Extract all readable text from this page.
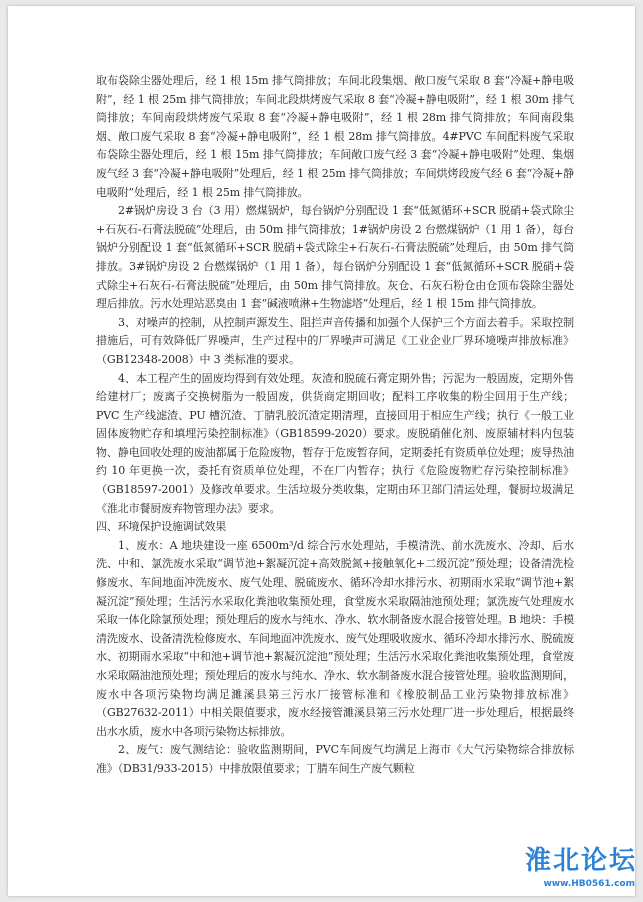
取布袋除尘器处理后，经 1 根 15m 排气筒排放；车间北段集烟、敞口废气采取 8 套“冷凝+静电吸附”，经 1 根 25m 排气筒排放；车间北段烘烤废气采取 8 套“冷凝+静电吸附”，经 1 根 30m 排气筒排放；车间南段烘烤废气采取 8 套“冷凝+静电吸附”，经 1 根 28m 排气筒排放；车间南段集烟、敞口废气采取 8 套“冷凝+静电吸附”，经 1 根 28m 排气筒排放。4#PVC 车间配料废气采取布袋除尘器处理后，经 1 根 15m 排气筒排放；车间敞口废气经 3 套“冷凝+静电吸附”处理、集烟废气经 3 套“冷凝+静电吸附”处理后，经 1 根 25m 排气筒排放；车间烘烤段废气经 6 套“冷凝+静电吸附”处理后，经 1 根 25m 排气筒排放。

2#锅炉房设 3 台（3 用）燃煤锅炉，每台锅炉分别配设 1 套“低氮循环+SCR 脱硝+袋式除尘+石灰石-石膏法脱硫”处理后，由 50m 排气筒排放；1#锅炉房设 2 台燃煤锅炉（1 用 1 备），每台锅炉分别配设 1 套“低氮循环+SCR 脱硝+袋式除尘+石灰石-石膏法脱硫”处理后，由 50m 排气筒排放。3#锅炉房设 2 台燃煤锅炉（1 用 1 备），每台锅炉分别配设 1 套“低氮循环+SCR 脱硝+袋式除尘+石灰石-石膏法脱硫”处理后，由 50m 排气筒排放。灰仓、石灰石粉仓由仓顶布袋除尘器处理后排放。污水处理站恶臭由 1 套“碱液喷淋+生物滤塔”处理后，经 1 根 15m 排气筒排放。

3、对噪声的控制，从控制声源发生、阻拦声音传播和加强个人保护三个方面去着手。采取控制措施后，可有效降低厂界噪声，生产过程中的厂界噪声可满足《工业企业厂界环境噪声排放标准》（GB12348-2008）中 3 类标准的要求。

4、本工程产生的固废均得到有效处理。灰渣和脱硫石膏定期外售；污泥为一般固废，定期外售给建材厂；废离子交换树脂为一般固废，供货商定期回收；配料工序收集的粉尘回用于生产线；PVC 生产线滤渣、PU 槽沉渣、丁腈乳胶沉渣定期清理，直接回用于相应生产线；执行《一般工业固体废物贮存和填埋污染控制标准》（GB18599-2020）要求。废脱硝催化剂、废原辅材料内包装物、静电回收处理的废油都属于危险废物，暂存于危废暂存间，定期委托有资质单位处理；废导热油约 10 年更换一次，委托有资质单位处理，不在厂内暂存；执行《危险废物贮存污染控制标准》（GB18597-2001）及修改单要求。生活垃圾分类收集，定期由环卫部门清运处理，餐厨垃圾满足《淮北市餐厨废弃物管理办法》要求。

四、环境保护设施调试效果

1、废水：A 地块建设一座 6500m³/d 综合污水处理站，手模清洗、前水洗废水、冷却、后水洗、中和、氯洗废水采取“调节池+絮凝沉淀+高效脱氮+接触氧化+二级沉淀”预处理；设备清洗检修废水、车间地面冲洗废水、废气处理、脱硫废水、循环冷却水排污水、初期雨水采取“调节池+絮凝沉淀”预处理；生活污水采取化粪池收集预处理，食堂废水采取隔油池预处理；氯洗废气处理废水采取一体化除氯预处理；预处理后的废水与纯水、净水、软水制备废水混合接管处理。B 地块：手模清洗废水、设备清洗检修废水、车间地面冲洗废水、废气处理吸收废水、循环冷却水排污水、脱硫废水、初期雨水采取“中和池+调节池+絮凝沉淀池”预处理；生活污水采取化粪池收集预处理，食堂废水采取隔油池预处理；预处理后的废水与纯水、净水、软水制备废水混合接管处理。验收监测期间，废水中各项污染物均满足濉溪县第三污水厂接管标准和《橡胶制品工业污染物排放标准》（GB27632-2011）中相关限值要求，废水经接管濉溪县第三污水处理厂进一步处理后，根据最终出水水质，废水中各项污染物达标排放。

2、废气：废气测结论：验收监测期间，PVC车间废气均满足上海市《大气污染物综合排放标准》（DB31/933-2015）中排放限值要求；丁腈车间生产废气颗粒

淮北论坛
www.HB0561.com
